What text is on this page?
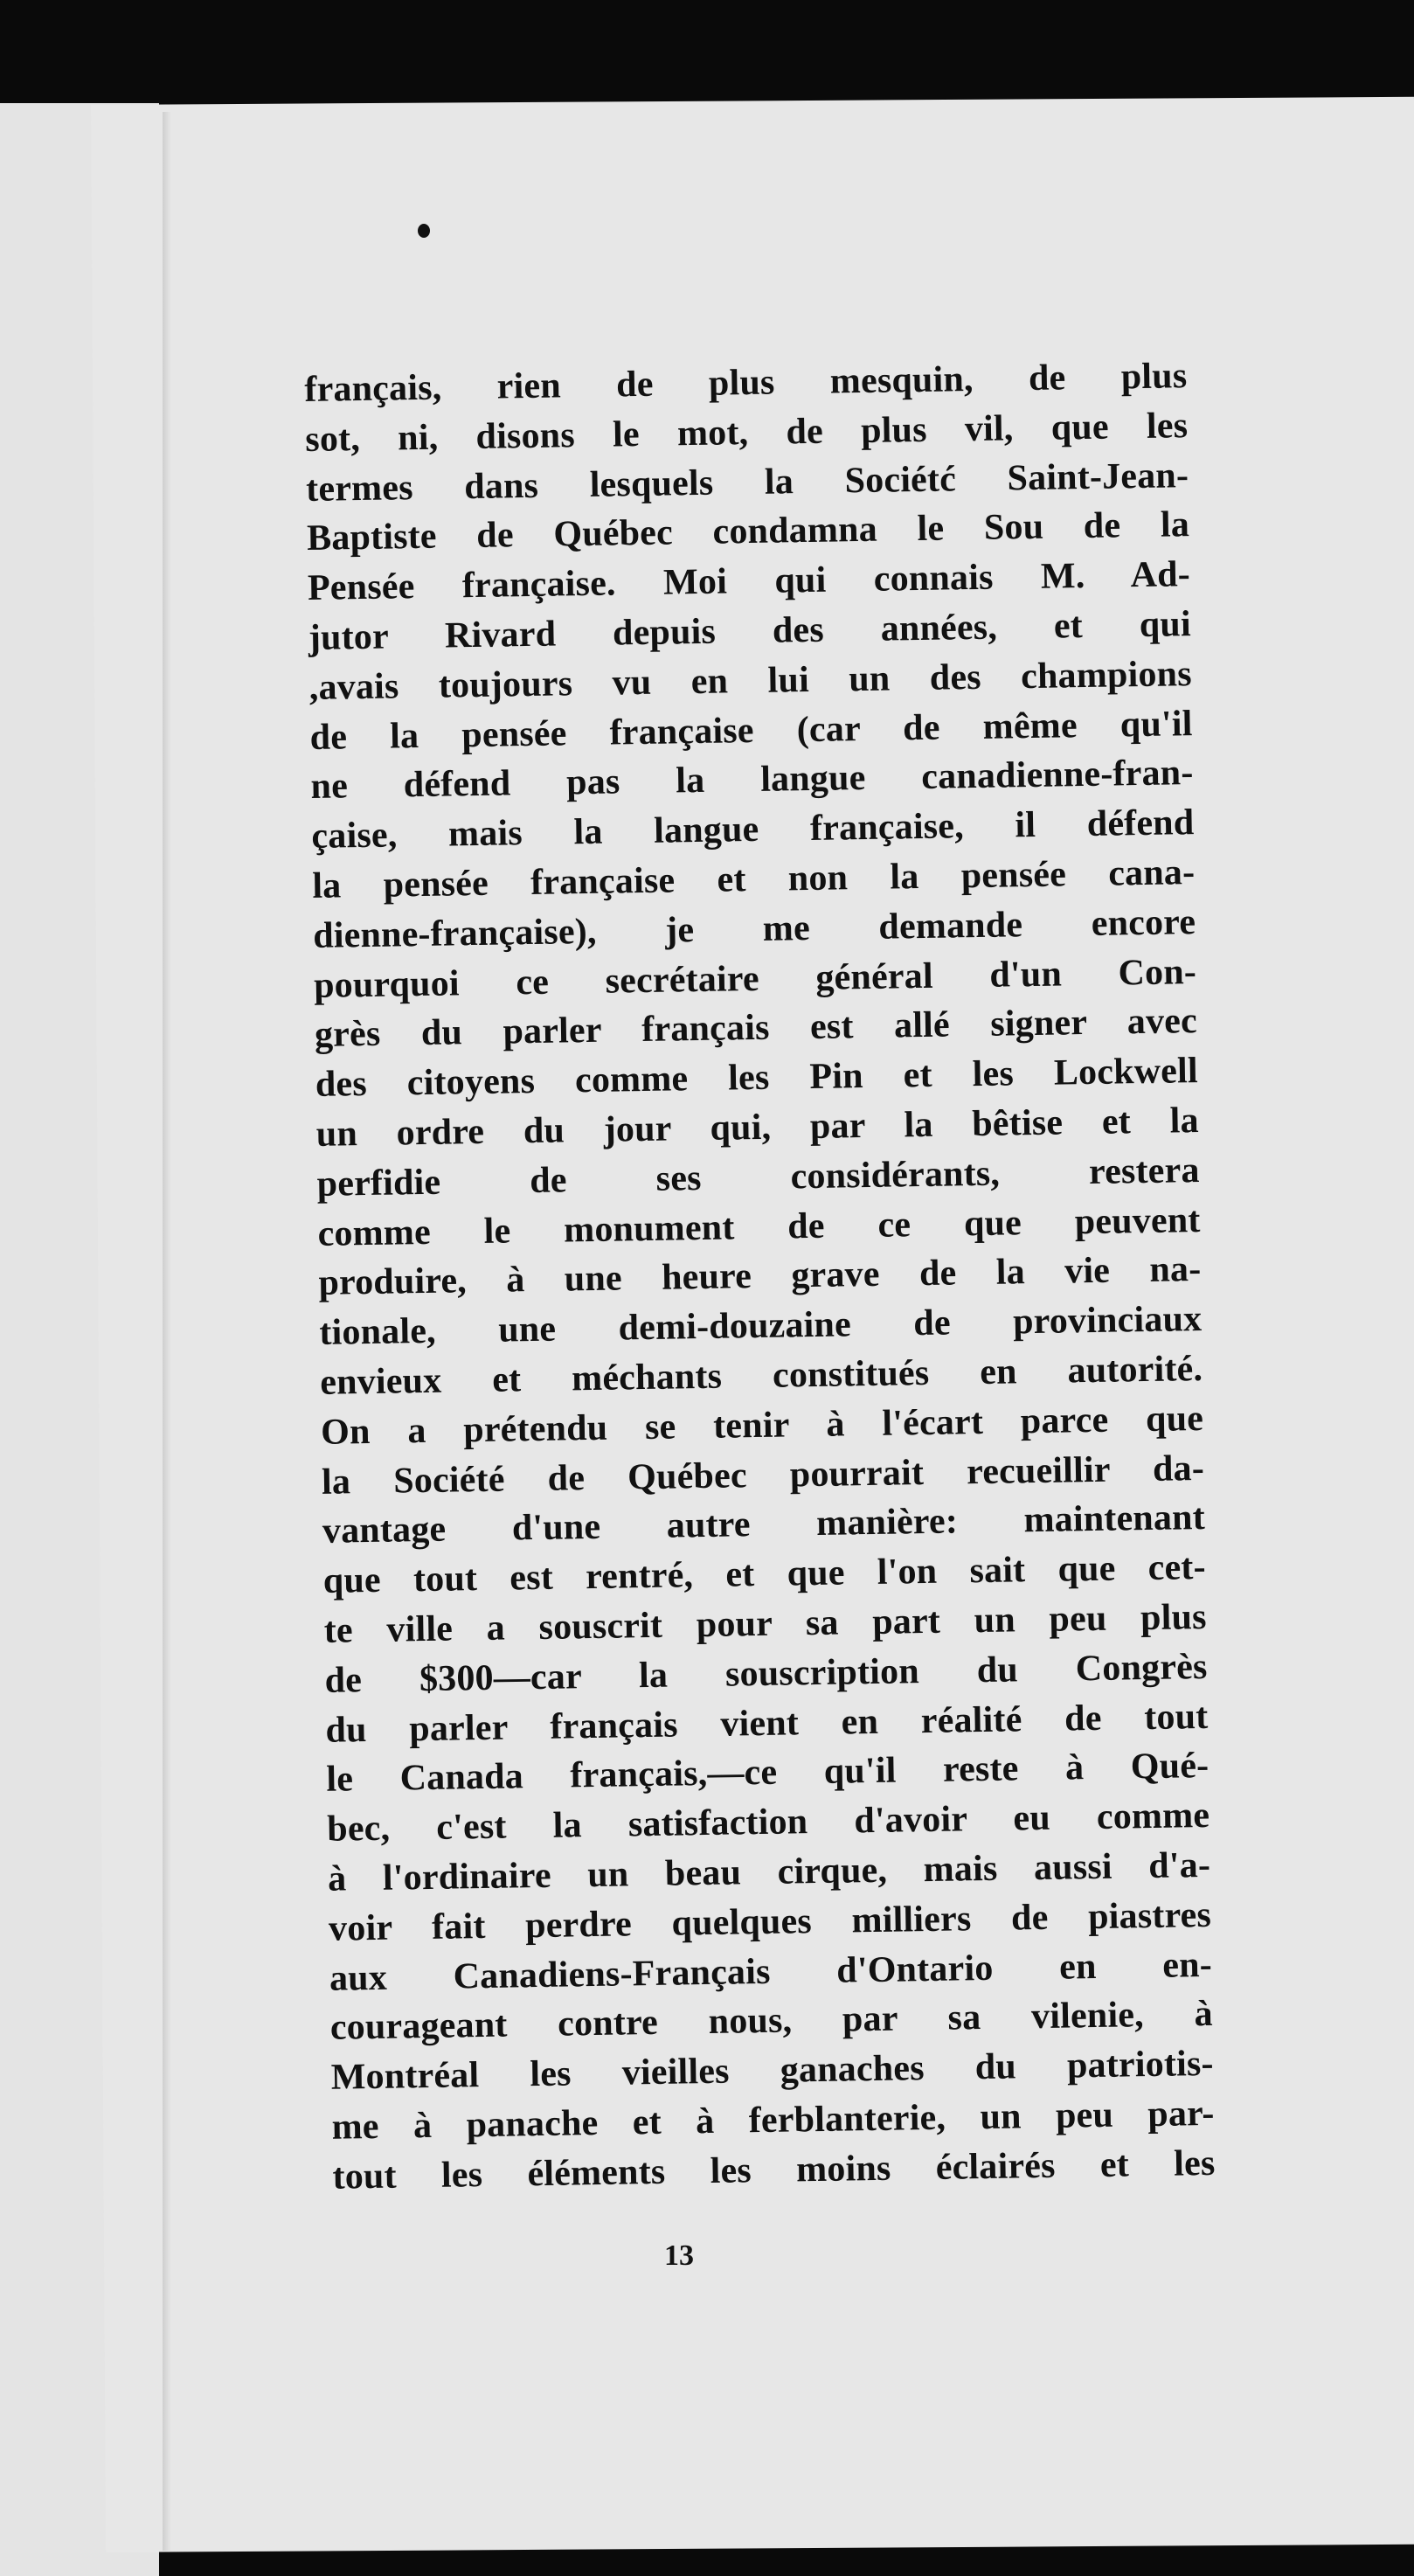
français, rien de plus mesquin, de plus
sot, ni, disons le mot, de plus vil, que les
termes dans lesquels la Sociétć Saint-Jean-
Baptiste de Québec condamna le Sou de la
Pensée française. Moi qui connais M. Ad-
jutor Rivard depuis des années, et qui
,avais toujours vu en lui un des champions
de la pensée française (car de même qu'il
ne défend pas la langue canadienne-fran-
çaise, mais la langue française, il défend
la pensée française et non la pensée cana-
dienne-française), je me demande encore
pourquoi ce secrétaire général d'un Con-
grès du parler français est allé signer avec
des citoyens comme les Pin et les Lockwell
un ordre du jour qui, par la bêtise et la
perfidie de ses considérants, restera
comme le monument de ce que peuvent
produire, à une heure grave de la vie na-
tionale, une demi-douzaine de provinciaux
envieux et méchants constitués en autorité.
On a prétendu se tenir à l'écart parce que
la Société de Québec pourrait recueillir da-
vantage d'une autre manière: maintenant
que tout est rentré, et que l'on sait que cet-
te ville a souscrit pour sa part un peu plus
de $300—car la souscription du Congrès
du parler français vient en réalité de tout
le Canada français,—ce qu'il reste à Qué-
bec, c'est la satisfaction d'avoir eu comme
à l'ordinaire un beau cirque, mais aussi d'a-
voir fait perdre quelques milliers de piastres
aux Canadiens-Français d'Ontario en en-
courageant contre nous, par sa vilenie, à
Montréal les vieilles ganaches du patriotis-
me à panache et à ferblanterie, un peu par-
tout les éléments les moins éclairés et les
13
